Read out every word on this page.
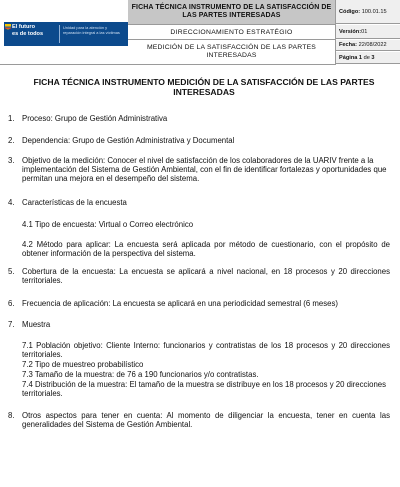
El futuro
es de todos
Unidad para la atención y reparación integral a las víctimas
FICHA TÉCNICA INSTRUMENTO DE LA SATISFACCIÓN DE LAS PARTES INTERESADAS
DIRECCIONAMIENTO ESTRATÉGIO
MEDICIÓN DE LA SATISFACCIÓN DE LAS PARTES INTERESADAS
Código:
100.01.15
Versión: 01
Fecha:
22/08/2022
Página
1
de
3
FICHA TÉCNICA INSTRUMENTO MEDICIÓN DE LA SATISFACCIÓN DE LAS PARTES INTERESADAS
1. Proceso: Grupo de Gestión Administrativa
2. Dependencia: Grupo de Gestión Administrativa y Documental
3. Objetivo de la medición: Conocer el nivel de satisfacción de los colaboradores de la UARIV frente a la implementación del Sistema de Gestión Ambiental, con el fin de identificar fortalezas y oportunidades que permitan una mejora en el desempeño del sistema.
4. Características de la encuesta
4.1 Tipo de encuesta: Virtual o Correo electrónico
4.2 Método para aplicar: La encuesta será aplicada por método de cuestionario, con el propósito de obtener información de la perspectiva del sistema.
5. Cobertura de la encuesta: La encuesta se aplicará a nivel nacional, en 18 procesos y 20 direcciones territoriales.
6. Frecuencia de aplicación: La encuesta se aplicará en una periodicidad semestral (6 meses)
7. Muestra
7.1 Población objetivo: Cliente Interno: funcionarios y contratistas de los 18 procesos y 20 direcciones territoriales.
7.2 Tipo de muestreo probabilístico
7.3 Tamaño de la muestra: de 76 a 190 funcionarios y/o contratistas.
7.4 Distribución de la muestra: El tamaño de la muestra se distribuye en los 18 procesos y 20 direcciones territoriales.
8. Otros aspectos para tener en cuenta: Al momento de diligenciar la encuesta, tener en cuenta las generalidades del Sistema de Gestión Ambiental.
